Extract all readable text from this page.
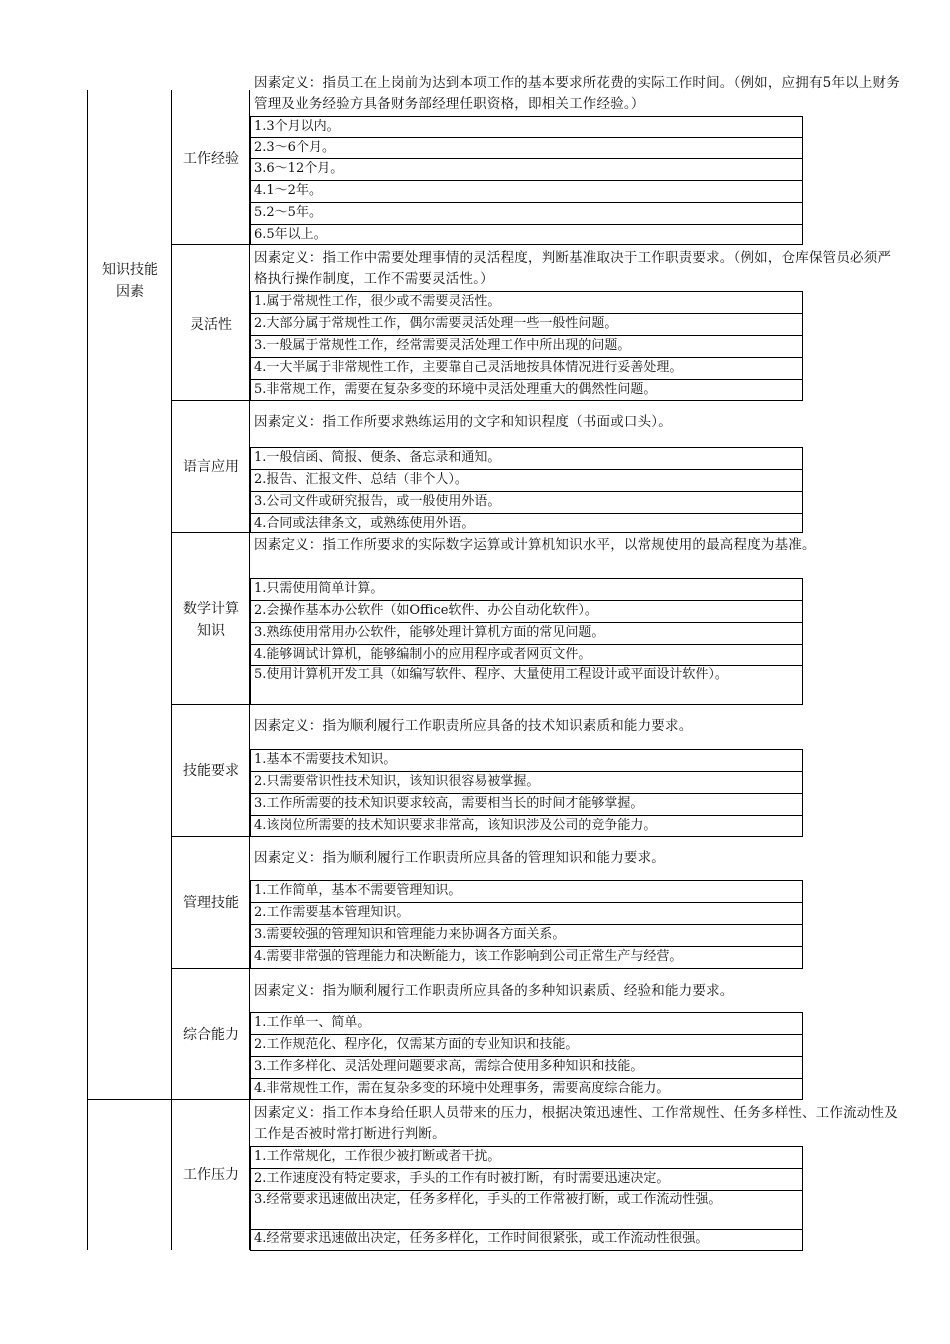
知识技能
因素
工作经验
因素定义：指员工在上岗前为达到本项工作的基本要求所花费的实际工作时间。（例如，应拥有5年以上财务管理及业务经验方具备财务部经理任职资格，即相关工作经验。）
1.3个月以内。
2.3～6个月。
3.6～12个月。
4.1～2年。
5.2～5年。
6.5年以上。
灵活性
因素定义：指工作中需要处理事情的灵活程度，判断基准取决于工作职责要求。（例如，仓库保管员必须严格执行操作制度，工作不需要灵活性。）
1.属于常规性工作，很少或不需要灵活性。
2.大部分属于常规性工作，偶尔需要灵活处理一些一般性问题。
3.一般属于常规性工作，经常需要灵活处理工作中所出现的问题。
4.一大半属于非常规性工作，主要靠自己灵活地按具体情况进行妥善处理。
5.非常规工作，需要在复杂多变的环境中灵活处理重大的偶然性问题。
语言应用
因素定义：指工作所要求熟练运用的文字和知识程度（书面或口头）。
1.一般信函、简报、便条、备忘录和通知。
2.报告、汇报文件、总结（非个人）。
3.公司文件或研究报告，或一般使用外语。
4.合同或法律条文，或熟练使用外语。
数学计算
知识
因素定义：指工作所要求的实际数字运算或计算机知识水平，以常规使用的最高程度为基准。
1.只需使用简单计算。
2.会操作基本办公软件（如Office软件、办公自动化软件）。
3.熟练使用常用办公软件，能够处理计算机方面的常见问题。
4.能够调试计算机，能够编制小的应用程序或者网页文件。
5.使用计算机开发工具（如编写软件、程序、大量使用工程设计或平面设计软件）。
技能要求
因素定义：指为顺利履行工作职责所应具备的技术知识素质和能力要求。
1.基本不需要技术知识。
2.只需要常识性技术知识，该知识很容易被掌握。
3.工作所需要的技术知识要求较高，需要相当长的时间才能够掌握。
4.该岗位所需要的技术知识要求非常高，该知识涉及公司的竞争能力。
管理技能
因素定义：指为顺利履行工作职责所应具备的管理知识和能力要求。
1.工作简单，基本不需要管理知识。
2.工作需要基本管理知识。
3.需要较强的管理知识和管理能力来协调各方面关系。
4.需要非常强的管理能力和决断能力，该工作影响到公司正常生产与经营。
综合能力
因素定义：指为顺利履行工作职责所应具备的多种知识素质、经验和能力要求。
1.工作单一、简单。
2.工作规范化、程序化，仅需某方面的专业知识和技能。
3.工作多样化、灵活处理问题要求高，需综合使用多种知识和技能。
4.非常规性工作，需在复杂多变的环境中处理事务，需要高度综合能力。
工作压力
因素定义：指工作本身给任职人员带来的压力，根据决策迅速性、工作常规性、任务多样性、工作流动性及工作是否被时常打断进行判断。
1.工作常规化，工作很少被打断或者干扰。
2.工作速度没有特定要求，手头的工作有时被打断，有时需要迅速决定。
3.经常要求迅速做出决定，任务多样化，手头的工作常被打断，或工作流动性强。
4.经常要求迅速做出决定，任务多样化，工作时间很紧张，或工作流动性很强。
